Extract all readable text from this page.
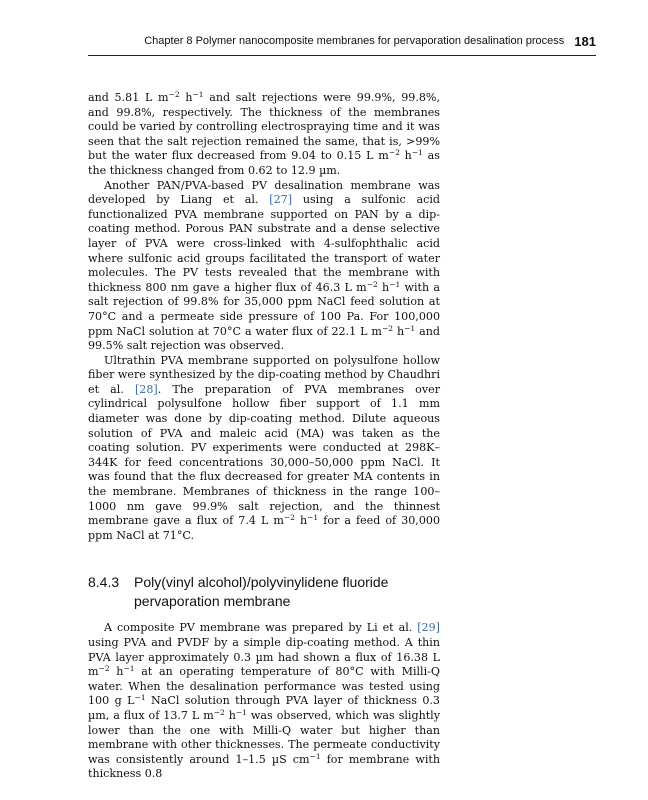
Chapter 8 Polymer nanocomposite membranes for pervaporation desalination process 181

and 5.81 L $m^{-2}$ $h^{-1}$ and salt rejections were 99.9%, 99.8%, and 99.8%, respectively. The thickness of the membranes could be varied by controlling electrospraying time and it was seen that the salt rejection remained the same, that is, >99% but the water flux decreased from 9.04 to 0.15 L $m^{-2}$ $h^{-1}$ as the thickness changed from 0.62 to 12.9 µm.

Another PAN/PVA-based PV desalination membrane was developed by Liang et al. [27] using a sulfonic acid functionalized PVA membrane supported on PAN by a dip-coating method. Porous PAN substrate and a dense selective layer of PVA were cross-linked with 4-sulfophthalic acid where sulfonic acid groups facilitated the transport of water molecules. The PV tests revealed that the membrane with thickness 800 nm gave a higher flux of 46.3 L $m^{-2}$ $h^{-1}$ with a salt rejection of 99.8% for 35,000 ppm NaCl feed solution at 70°C and a permeate side pressure of 100 Pa. For 100,000 ppm NaCl solution at 70°C a water flux of 22.1 L $m^{-2}$ $h^{-1}$ and 99.5% salt rejection was observed.

Ultrathin PVA membrane supported on polysulfone hollow fiber were synthesized by the dip-coating method by Chaudhri et al. [28]. The preparation of PVA membranes over cylindrical polysulfone hollow fiber support of 1.1 mm diameter was done by dip-coating method. Dilute aqueous solution of PVA and maleic acid (MA) was taken as the coating solution. PV experiments were conducted at 298K–344K for feed concentrations 30,000–50,000 ppm NaCl. It was found that the flux decreased for greater MA contents in the membrane. Membranes of thickness in the range 100–1000 nm gave 99.9% salt rejection, and the thinnest membrane gave a flux of 7.4 L $m^{-2}$ $h^{-1}$ for a feed of 30,000 ppm NaCl at 71°C.

8.4.3	Poly(vinyl alcohol)/polyvinylidene fluoride pervaporation membrane

A composite PV membrane was prepared by Li et al. [29] using PVA and PVDF by a simple dip-coating method. A thin PVA layer approximately 0.3 µm had shown a flux of 16.38 L $m^{-2}$ $h^{-1}$ at an operating temperature of 80°C with Milli-Q water. When the desalination performance was tested using 100 g $L^{-1}$ NaCl solution through PVA layer of thickness 0.3 µm, a flux of 13.7 L $m^{-2}$ $h^{-1}$ was observed, which was slightly lower than the one with Milli-Q water but higher than membrane with other thicknesses. The permeate conductivity was consistently around 1–1.5 µS $cm^{-1}$ for membrane with thickness 0.8
